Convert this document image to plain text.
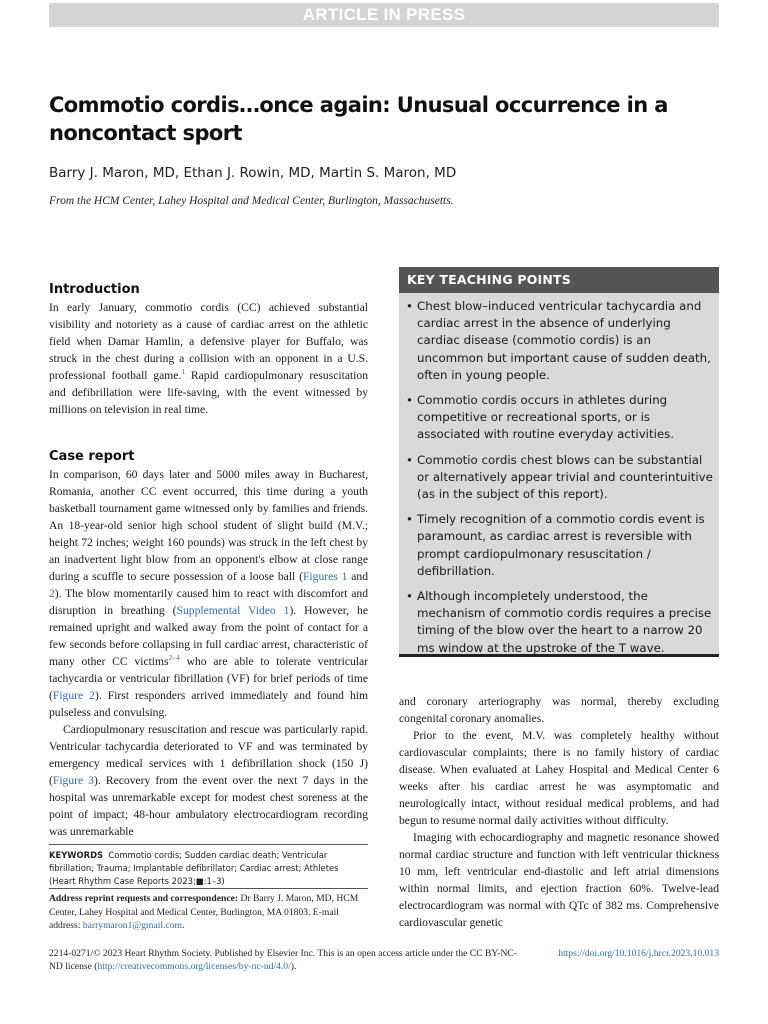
ARTICLE IN PRESS
Commotio cordis…once again: Unusual occurrence in a noncontact sport
Barry J. Maron, MD, Ethan J. Rowin, MD, Martin S. Maron, MD
From the HCM Center, Lahey Hospital and Medical Center, Burlington, Massachusetts.
Introduction

In early January, commotio cordis (CC) achieved substantial visibility and notoriety as a cause of cardiac arrest on the athletic field when Damar Hamlin, a defensive player for Buffalo, was struck in the chest during a collision with an opponent in a U.S. professional football game.$^1$ Rapid cardiopulmonary resuscitation and defibrillation were life-saving, with the event witnessed by millions on television in real time.

Case report

In comparison, 60 days later and 5000 miles away in Bucharest, Romania, another CC event occurred, this time during a youth basketball tournament game witnessed only by families and friends. An 18-year-old senior high school student of slight build (M.V.; height 72 inches; weight 160 pounds) was struck in the left chest by an inadvertent light blow from an opponent's elbow at close range during a scuffle to secure possession of a loose ball (Figures 1 and 2). The blow momentarily caused him to react with discomfort and disruption in breathing (Supplemental Video 1). However, he remained upright and walked away from the point of contact for a few seconds before collapsing in full cardiac arrest, characteristic of many other CC victims$^{2-4}$ who are able to tolerate ventricular tachycardia or ventricular fibrillation (VF) for brief periods of time (Figure 2). First responders arrived immediately and found him pulseless and convulsing.

Cardiopulmonary resuscitation and rescue was particularly rapid. Ventricular tachycardia deteriorated to VF and was terminated by emergency medical services with 1 defibrillation shock (150 J) (Figure 3). Recovery from the event over the next 7 days in the hospital was unremarkable except for modest chest soreness at the point of impact; 48-hour ambulatory electrocardiogram recording was unremarkable

KEY TEACHING POINTS
• Chest blow–induced ventricular tachycardia and cardiac arrest in the absence of underlying cardiac disease (commotio cordis) is an uncommon but important cause of sudden death, often in young people.
• Commotio cordis occurs in athletes during competitive or recreational sports, or is associated with routine everyday activities.
• Commotio cordis chest blows can be substantial or alternatively appear trivial and counterintuitive (as in the subject of this report).
• Timely recognition of a commotio cordis event is paramount, as cardiac arrest is reversible with prompt cardiopulmonary resuscitation / defibrillation.
• Although incompletely understood, the mechanism of commotio cordis requires a precise timing of the blow over the heart to a narrow 20 ms window at the upstroke of the T wave.

and coronary arteriography was normal, thereby excluding congenital coronary anomalies.

Prior to the event, M.V. was completely healthy without cardiovascular complaints; there is no family history of cardiac disease. When evaluated at Lahey Hospital and Medical Center 6 weeks after his cardiac arrest he was asymptomatic and neurologically intact, without residual medical problems, and had begun to resume normal daily activities without difficulty.

Imaging with echocardiography and magnetic resonance showed normal cardiac structure and function with left ventricular thickness 10 mm, left ventricular end-diastolic and left atrial dimensions within normal limits, and ejection fraction 60%. Twelve-lead electrocardiogram was normal with QTc of 382 ms. Comprehensive cardiovascular genetic

KEYWORDS Commotio cordis; Sudden cardiac death; Ventricular fibrillation; Trauma; Implantable defibrillator; Cardiac arrest; Athletes
(Heart Rhythm Case Reports 2023;■:1–3)
Address reprint requests and correspondence: Dr Barry J. Maron, MD, HCM Center, Lahey Hospital and Medical Center, Burlington, MA 01803. E-mail address: barrymaron1@gmail.com.
2214-0271/© 2023 Heart Rhythm Society. Published by Elsevier Inc. This is an open access article under the CC BY-NC-ND license (http://creativecommons.org/licenses/by-nc-nd/4.0/).
https://doi.org/10.1016/j.hrcr.2023.10.013
